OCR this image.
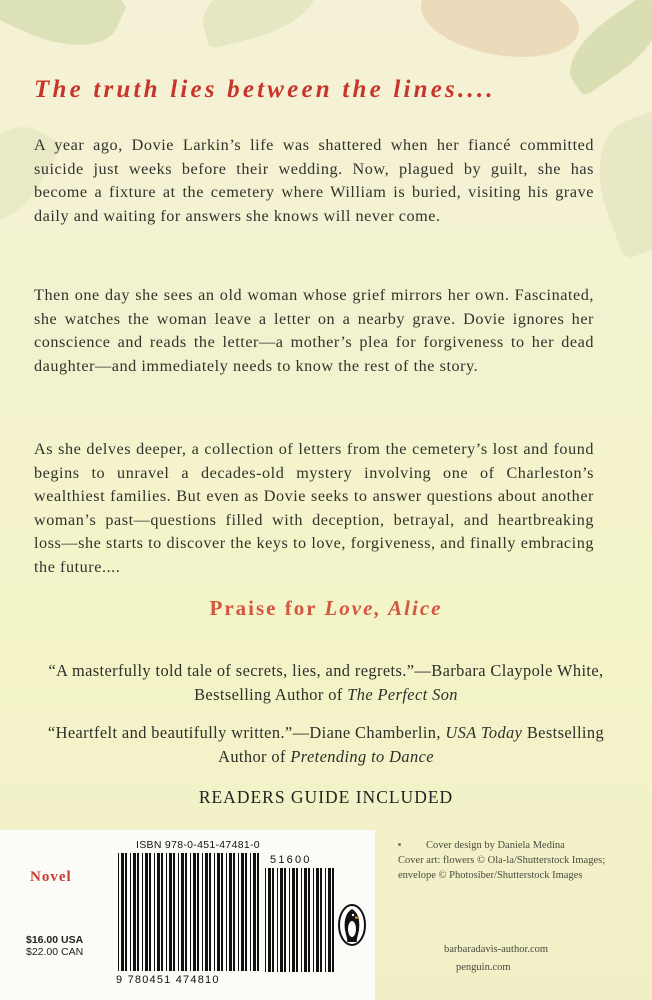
The truth lies between the lines....
A year ago, Dovie Larkin’s life was shattered when her fiancé committed suicide just weeks before their wedding. Now, plagued by guilt, she has become a fixture at the cemetery where William is buried, visiting his grave daily and waiting for answers she knows will never come.
Then one day she sees an old woman whose grief mirrors her own. Fascinated, she watches the woman leave a letter on a nearby grave. Dovie ignores her conscience and reads the letter—a mother’s plea for forgiveness to her dead daughter—and immediately needs to know the rest of the story.
As she delves deeper, a collection of letters from the cemetery’s lost and found begins to unravel a decades-old mystery involving one of Charleston’s wealthiest families. But even as Dovie seeks to answer questions about another woman’s past—questions filled with deception, betrayal, and heartbreaking loss—she starts to discover the keys to love, forgiveness, and finally embracing the future....
Praise for Love, Alice
“A masterfully told tale of secrets, lies, and regrets.”—Barbara Claypole White, Bestselling Author of The Perfect Son
“Heartfelt and beautifully written.”—Diane Chamberlin, USA Today Bestselling Author of Pretending to Dance
READERS GUIDE INCLUDED
Novel
$16.00 USA
$22.00 CAN
ISBN 978-0-451-47481-0
9 780451 474810
51600
Cover design by Daniela Medina
Cover art: flowers © Ola-la/Shutterstock Images;
envelope © Photosiber/Shutterstock Images
barbaradavis-author.com
penguin.com
